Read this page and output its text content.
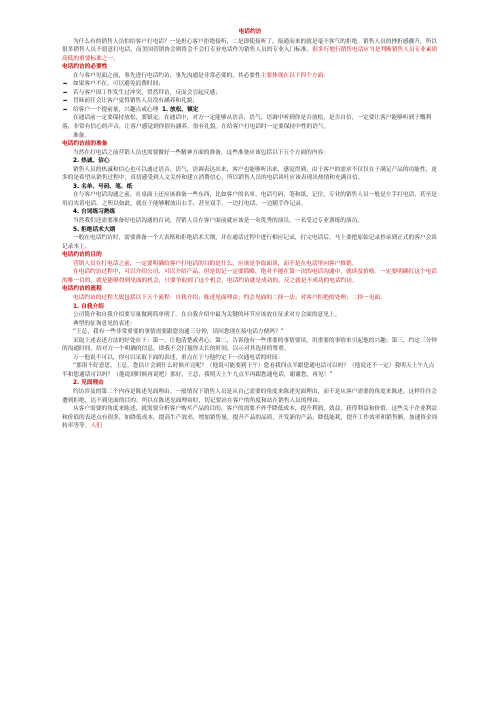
电话约访

为什么有的销售人员怕给客户打电话？一是担心客户拒绝接听，二是即使接听了，接通而来的就是毫不客气的拒绝。销售人员的挫折感骤升，所以很多销售人员不愿意打电话，而美国营销协会则将会不会打专业电话作为销售人员的专业入门标准。很多行地行销售电话应当是判断销售人员专业素质高低的重要标准之一。

电话约访的必要性

在与客户见面之前，事先进行电话约访，事先沟通是非常必要的，其必要性主要体现在以下四个方面：

➡ 如果客户不在，可以避免浪费时间；

➡ 若与客户因工作发生过冲突，贸然拜访，反而会引起反感；

➡ 冒昧前往会让客户觉得销售人员没有涵养和礼貌；

➡ 给客户一个提前量，兴趣点或心理 1. 放松、镇定

在通话前一定要保持放松，要镇定。在通话中，对方一定能够从语音、语气、语调中听到你是否放松，是否自信，一定要让客户能够听到于慨利落，非常有信心的声音，让客户感觉到你很有涵养，很有礼貌。在给客户打电话时一定要保持中性的语气。

准备。

电话约访前的准备

当然在打电话之前营销人员也需要做好一些精神方面的准备，这些准备应该包括以下五个方面的内容：

2. 热诚、信心

销售人员的热诚和信心也可以通过语音、语气、语调表达出来，客户也能够听出来，感觉得到。由于客户的需求不仅仅在于满足产品的功能性，更多的是希望从销售过程中，真切感受到人文关怀和建立消费信心，所以销售人员的电话谈吐应该表现出热情和充满自信。

3. 名单、号码、笔、纸

在与客户电话沟通之前，在桌面上还应该准备一些东西，比如客户的名单、电话号码、笔和纸、记住，专业的销售人员一般是左手打电话，甚至是用肩夹着电话。之所以如此，就在于能够解放出右手，甚至双手，一边打电话、一边随手作记录。

4. 台词练习熟练

当然我们还需要准备好电话沟通的台词，营销人员在客户面前就应该是一名优秀的演员，一名受过专业训练的演员。

5. 拒绝话术大纲

一般在电话约访时，需要准备一个大表格和拒绝话术大纲，并在通话过程中进行相应记录，打完电话后，马上要把原始记录抄录到正式的客户会谈记录本上。

电话约访的目的

营销人员在打电话之前，一定要明确给客户打电话的目的是什么，应该是争取面谈，而不是在电话里向客户推销。

在电话约访过程中，可以介绍公司，可以介绍产品，但是切记一定要简略，绝对不能在第一次的电话沟通中，就谈及价格。一定要明确打这个电话的唯一目的，就是能够得到见面的机会，只要争取到了这个机会，电话约访就是成功的，反之就是不成功的电话约访。

电话约访的流程

电话约访的过程大致包括以下五个流程：自我介绍；陈述见面理由；约会见面的二择一法；对客户拒绝的处理；二择一见面。

1. 自我介绍

公司简介和自我介绍要尽量做到简单明了。在自我介绍中最为关键的环节应该放在征求对方会面的意见上。

典型的征询意见的表述：

“王总，我有一些非常重要的事情需要跟您沟通三分钟，请问您现在接电话方便吗？”

采取上述表述方法的好处在于：第一，让他清楚或者心；第二，告诉他有一些重要的事情要谈，用重要的事情来引起他的兴趣；第三，约定三分钟的沟通时间，给对方一个明确的信息，即我不会打搅你太长的时间，以示对其选择的尊重。

万一他说不可以，你可以采取下面的表述，重点在于与他约定下一次通电话的时间：

“那很不好意思，王总，您估计会到什么时候开完呢？（他说可能要到下午）您看我四点半跟您通电话可以吗？（他说还不一定）我明天上午九点半和您通话可以吗？（他说到时候再说吧）那好，王总，我明天上午九点半再跟您通电话，谢谢您，再见！”

2. 见面理由

约访涉及的第二个内容是陈述见面理由。一般情况下销售人员是从自己需要的角度来陈述见面理由，而不是从客户需要的角度来陈述，这样往往会遭到拒绝，达不到见面的目的。所以在陈述见面理由时，切记要站在客户的角度和站在销售人员的理由。

从客户需要的角度来陈述，就需要分析客户购买产品的目的，客户的需要不外乎降低成本，提升利润，效益，获得利益和价值。这些关于企业利益和价值的表述点有很多，如降低成本，提高生产效率，增加销售量，提升产品的品质，开发新的产品，降低能耗，提升工作效率和销售额，加速资金周转率等等。人们
